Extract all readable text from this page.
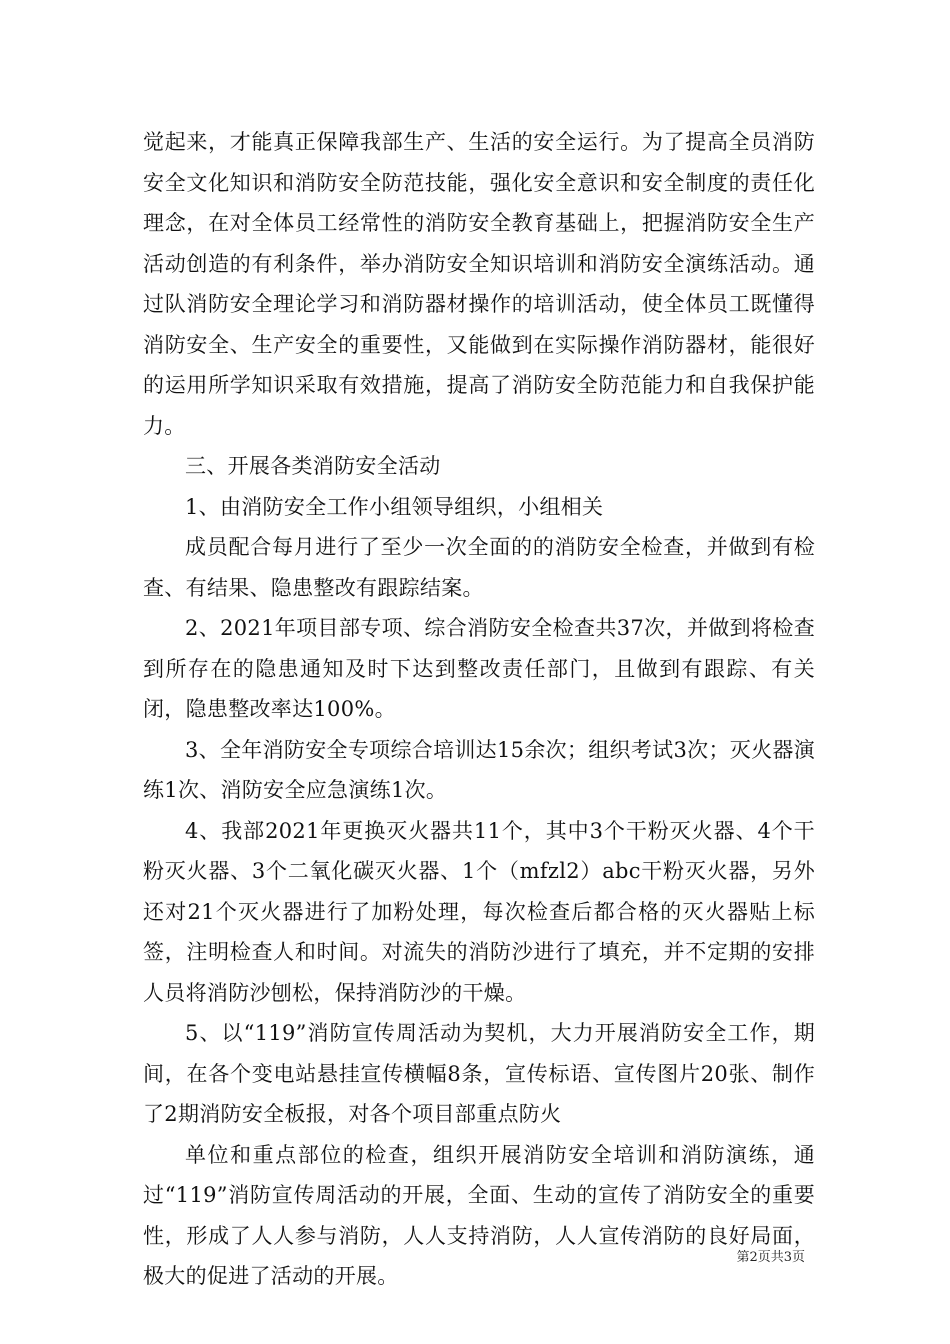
觉起来，才能真正保障我部生产、生活的安全运行。为了提高全员消防安全文化知识和消防安全防范技能，强化安全意识和安全制度的责任化理念，在对全体员工经常性的消防安全教育基础上，把握消防安全生产活动创造的有利条件，举办消防安全知识培训和消防安全演练活动。通过队消防安全理论学习和消防器材操作的培训活动，使全体员工既懂得消防安全、生产安全的重要性，又能做到在实际操作消防器材，能很好的运用所学知识采取有效措施，提高了消防安全防范能力和自我保护能力。

三、开展各类消防安全活动

1、由消防安全工作小组领导组织，小组相关

成员配合每月进行了至少一次全面的的消防安全检查，并做到有检查、有结果、隐患整改有跟踪结案。

2、2021年项目部专项、综合消防安全检查共37次，并做到将检查到所存在的隐患通知及时下达到整改责任部门，且做到有跟踪、有关闭，隐患整改率达100%。

3、全年消防安全专项综合培训达15余次；组织考试3次；灭火器演练1次、消防安全应急演练1次。

4、我部2021年更换灭火器共11个，其中3个干粉灭火器、4个干粉灭火器、3个二氧化碳灭火器、1个（mfzl2）abc干粉灭火器，另外还对21个灭火器进行了加粉处理，每次检查后都合格的灭火器贴上标签，注明检查人和时间。对流失的消防沙进行了填充，并不定期的安排人员将消防沙刨松，保持消防沙的干燥。

5、以“119”消防宣传周活动为契机，大力开展消防安全工作，期间，在各个变电站悬挂宣传横幅8条，宣传标语、宣传图片20张、制作了2期消防安全板报，对各个项目部重点防火

单位和重点部位的检查，组织开展消防安全培训和消防演练，通过“119”消防宣传周活动的开展，全面、生动的宣传了消防安全的重要性，形成了人人参与消防，人人支持消防，人人宣传消防的良好局面，极大的促进了活动的开展。

第2页共3页
